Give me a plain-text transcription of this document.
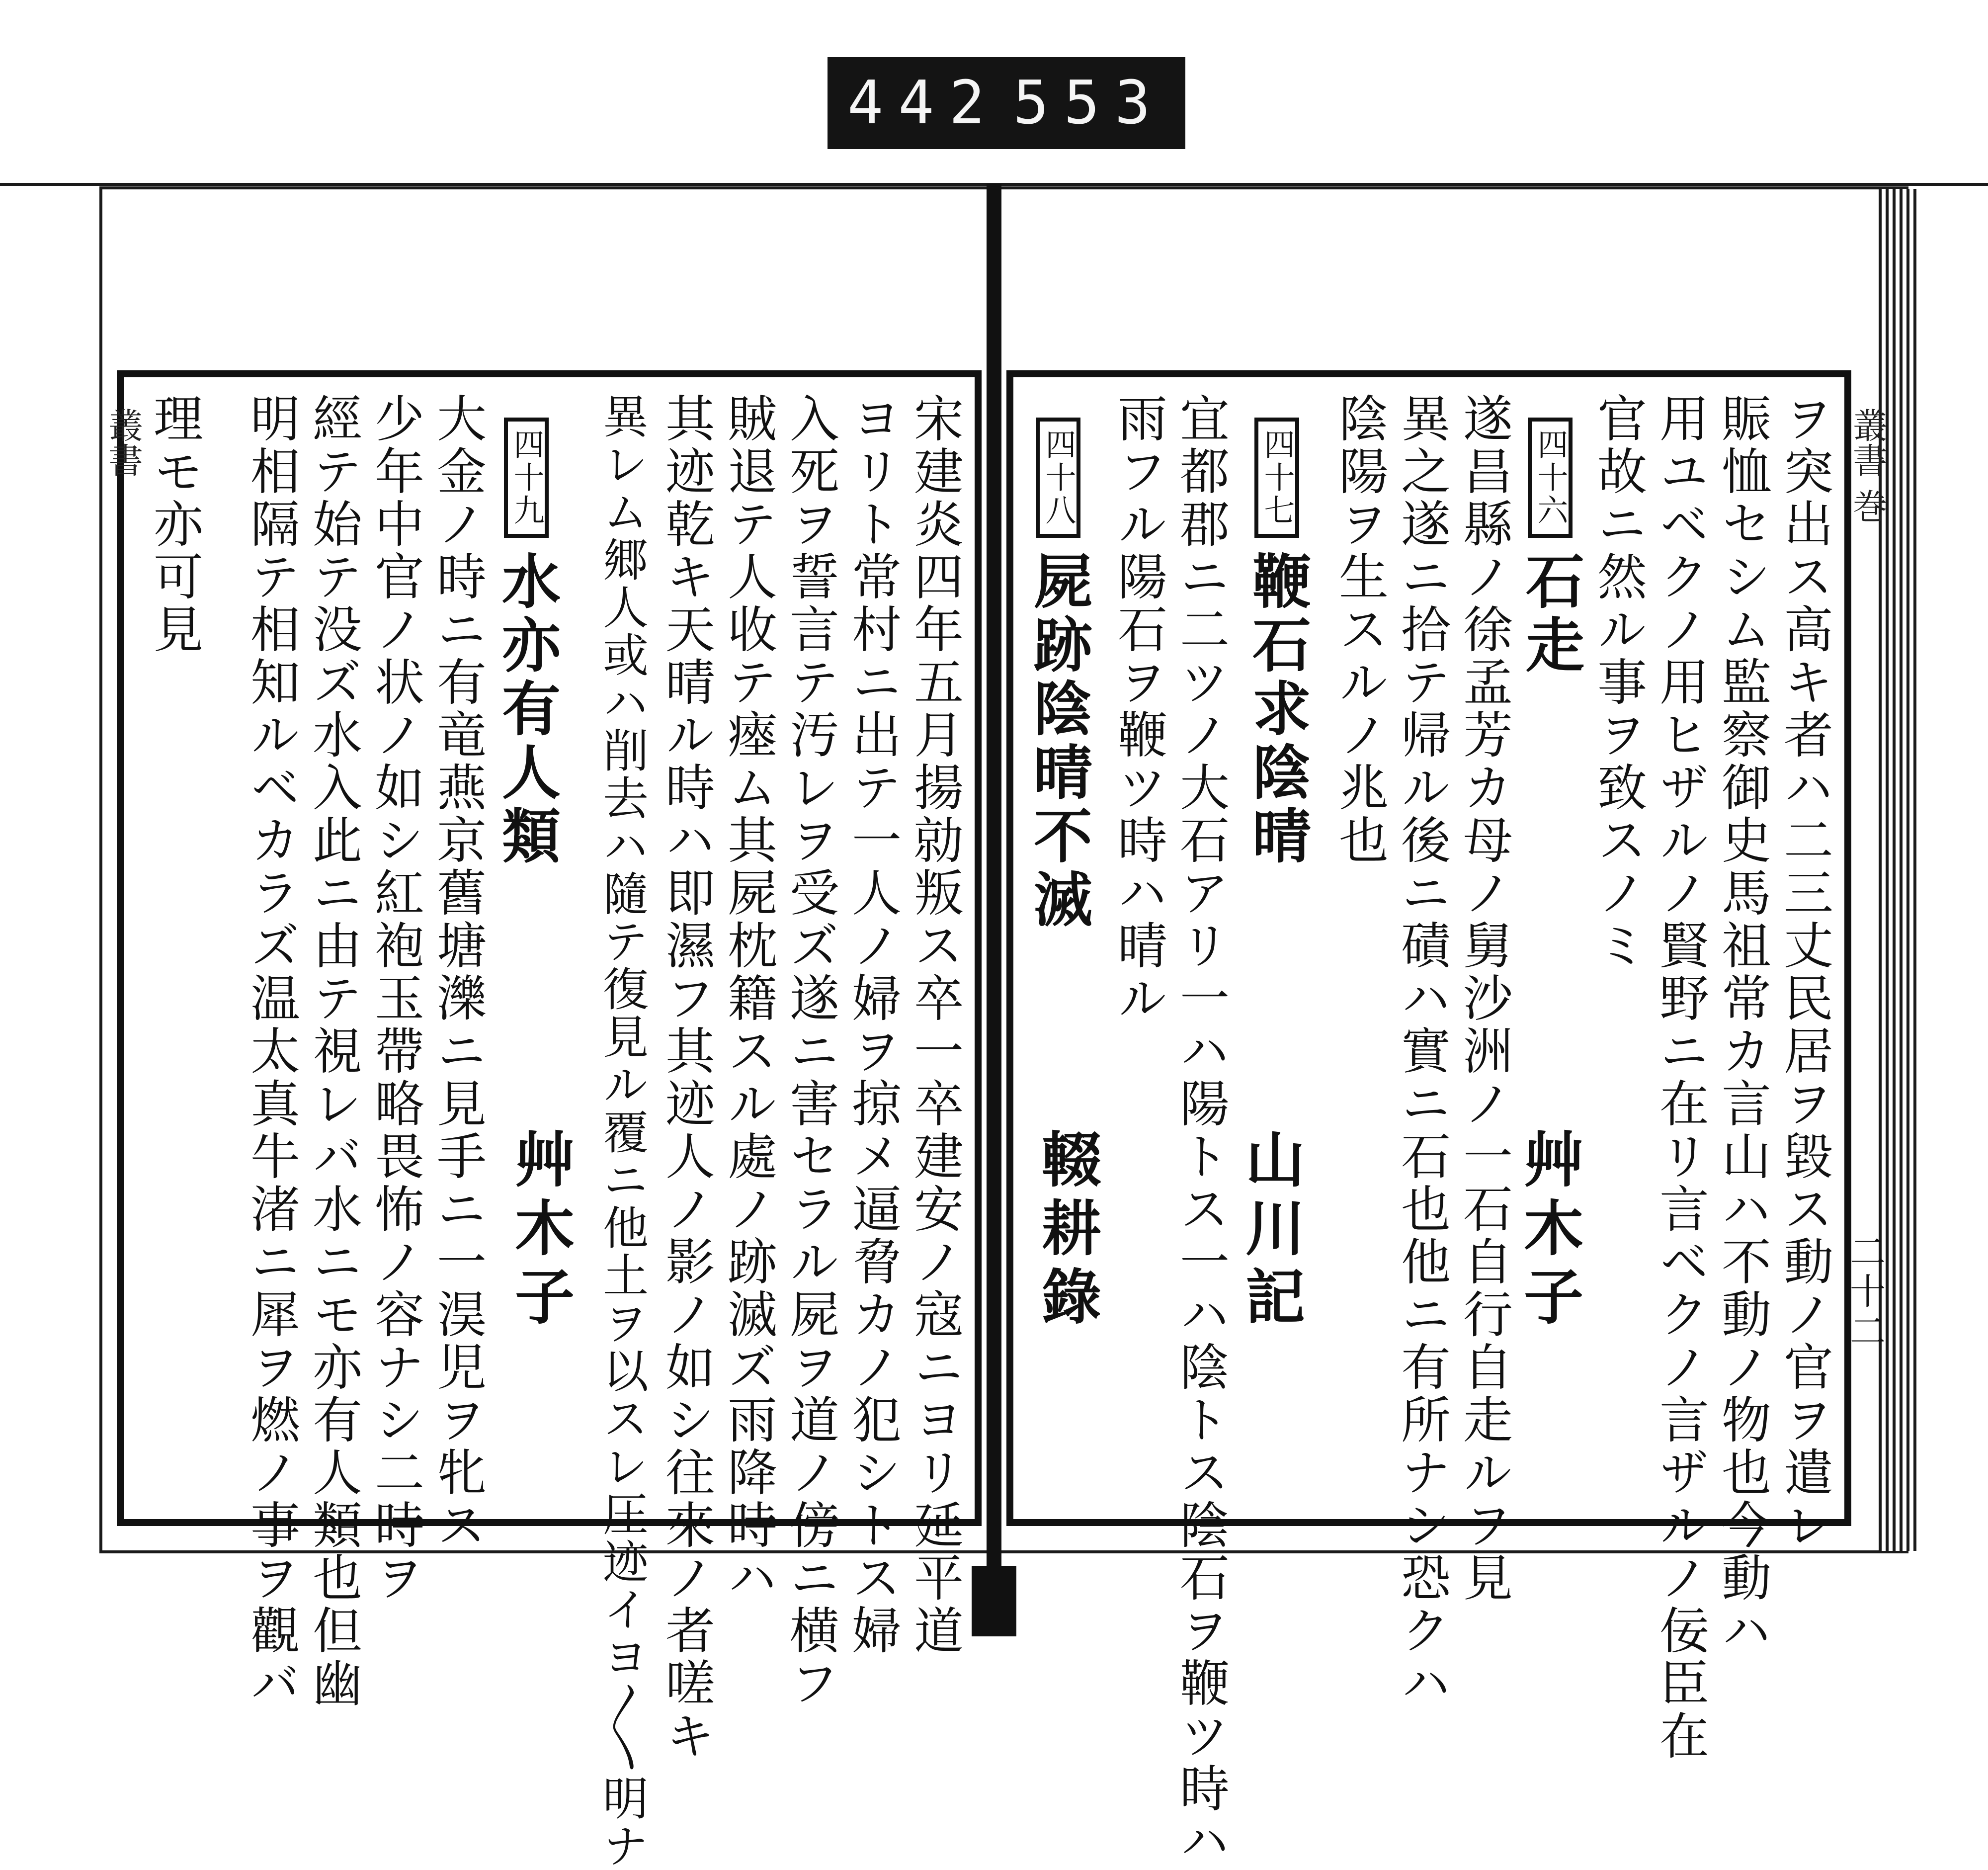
442 553
叢書	叢書 巻
二十二
ヲ突出ス高キ者ハ二三丈民居ヲ毀ス動ノ官ヲ遣レ
賑恤セシム監察御史馬祖常カ言山ハ不動ノ物也今動ハ
用ユベクノ用ヒザルノ賢野ニ在リ言ベクノ言ザルノ佞臣在
官故ニ然ル事ヲ致スノミ
四十六石走
艸木子
遂昌縣ノ徐孟芳カ母ノ舅沙洲ノ一石自行自走ルヲ見
異之遂ニ拾テ帰ル後ニ磧ハ實ニ石也他ニ有所ナシ恐クハ
陰陽ヲ生スルノ兆也
四十七鞭石求陰晴
山川記
宜都郡ニ二ツノ大石アリ一ハ陽トス一ハ陰トス陰石ヲ鞭ツ時ハ
雨フル陽石ヲ鞭ツ時ハ晴ル
四十八屍跡陰晴不滅
輟耕錄
宋建炎四年五月揚勍叛ス卒一卒建安ノ寇ニヨリ延平道
ヨリト常村ニ出テ一人ノ婦ヲ掠メ逼脅カノ犯シトス婦
入死ヲ誓言テ汚レヲ受ズ遂ニ害セラル屍ヲ道ノ傍ニ横フ
賊退テ人收テ瘞ム其屍枕籍スル處ノ跡滅ズ雨降時ハ
其迹乾キ天晴ル時ハ即濕フ其迹人ノ影ノ如シ往來ノ者嗟キ
異レム郷人或ハ削去ハ隨テ復見ル覆ニ他土ヲ以スレ圧迹イヨ〳〵明ナ
四十九水亦有人類
艸木子
大金ノ時ニ有竜燕京舊塘濼ニ見手ニ一淏児ヲ牝ス
少年中官ノ状ノ如シ紅袍玉帶略畏怖ノ容ナシ二時ヲ
經テ始テ没ズ水入此ニ由テ視レバ水ニモ亦有人類也但幽
明相隔テ相知ルベカラズ温太真牛渚ニ犀ヲ燃ノ事ヲ觀バ
理モ亦可見
